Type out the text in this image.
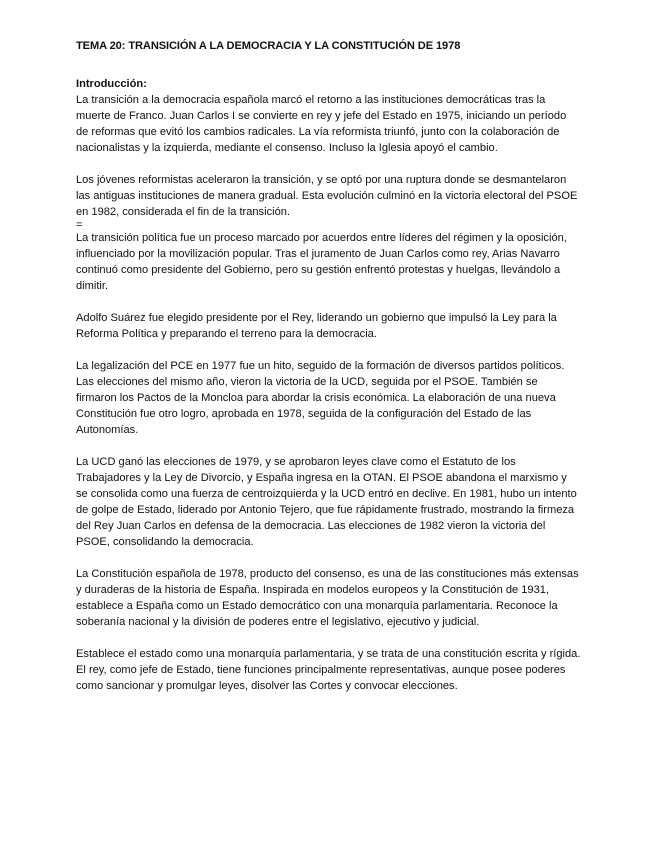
TEMA 20: TRANSICIÓN A LA DEMOCRACIA Y LA CONSTITUCIÓN DE 1978
Introducción:

La transición a la democracia española marcó el retorno a las instituciones democráticas tras la muerte de Franco. Juan Carlos I se convierte en rey y jefe del Estado en 1975, iniciando un período de reformas que evitó los cambios radicales. La vía reformista triunfó, junto con la colaboración de nacionalistas y la izquierda, mediante el consenso. Incluso la Iglesia apoyó el cambio.

Los jóvenes reformistas aceleraron la transición, y se optó por una ruptura donde se desmantelaron las antiguas instituciones de manera gradual. Esta evolución culminó en la victoria electoral del PSOE en 1982, considerada el fin de la transición.

=

La transición política fue un proceso marcado por acuerdos entre líderes del régimen y la oposición, influenciado por la movilización popular. Tras el juramento de Juan Carlos como rey, Arias Navarro continuó como presidente del Gobierno, pero su gestión enfrentó protestas y huelgas, llevándolo a dimitir.

Adolfo Suárez fue elegido presidente por el Rey, liderando un gobierno que impulsó la Ley para la Reforma Política y preparando el terreno para la democracia.

La legalización del PCE en 1977 fue un hito, seguido de la formación de diversos partidos políticos. Las elecciones del mismo año, vieron la victoria de la UCD, seguida por el PSOE. También se firmaron los Pactos de la Moncloa para abordar la crisis económica. La elaboración de una nueva Constitución fue otro logro, aprobada en 1978, seguida de la configuración del Estado de las Autonomías.

La UCD ganó las elecciones de 1979, y se aprobaron leyes clave como el Estatuto de los Trabajadores y la Ley de Divorcio, y España ingresa en la OTAN. El PSOE abandona el marxismo y se consolida como una fuerza de centroizquierda y la UCD entró en declive. En 1981, hubo un intento de golpe de Estado, liderado por Antonio Tejero, que fue rápidamente frustrado, mostrando la firmeza del Rey Juan Carlos en defensa de la democracia. Las elecciones de 1982 vieron la victoria del PSOE, consolidando la democracia.

La Constitución española de 1978, producto del consenso, es una de las constituciones más extensas y duraderas de la historia de España. Inspirada en modelos europeos y la Constitución de 1931, establece a España como un Estado democrático con una monarquía parlamentaria. Reconoce la soberanía nacional y la división de poderes entre el legislativo, ejecutivo y judicial.

Establece el estado como una monarquía parlamentaria, y se trata de una constitución escrita y rígida. El rey, como jefe de Estado, tiene funciones principalmente representativas, aunque posee poderes como sancionar y promulgar leyes, disolver las Cortes y convocar elecciones.
